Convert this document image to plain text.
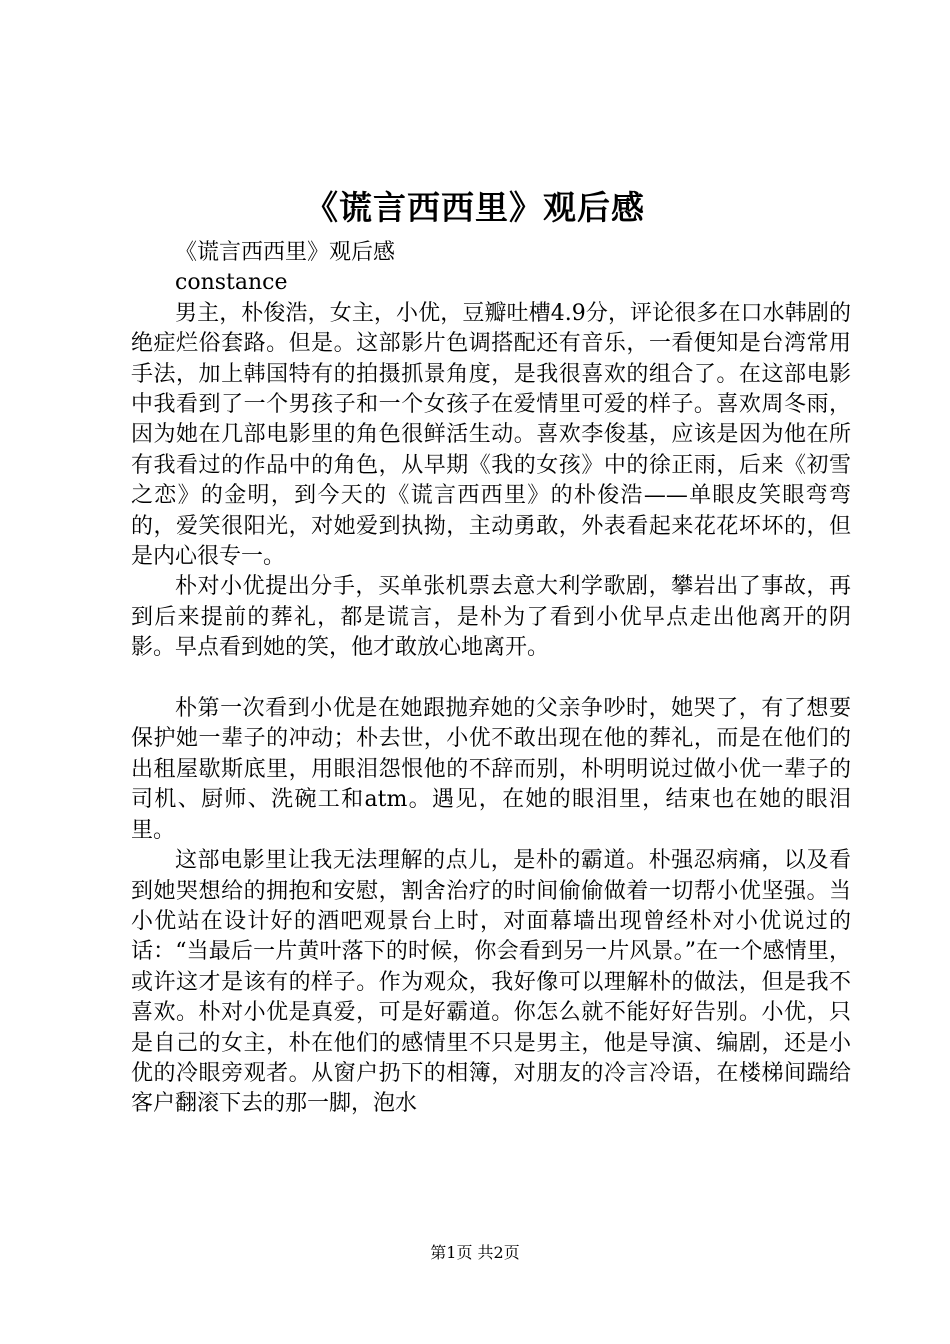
《谎言西西里》观后感

《谎言西西里》观后感

constance

男主，朴俊浩，女主，小优，豆瓣吐槽4.9分，评论很多在口水韩剧的绝症烂俗套路。但是。这部影片色调搭配还有音乐，一看便知是台湾常用手法，加上韩国特有的拍摄抓景角度，是我很喜欢的组合了。在这部电影中我看到了一个男孩子和一个女孩子在爱情里可爱的样子。喜欢周冬雨，因为她在几部电影里的角色很鲜活生动。喜欢李俊基，应该是因为他在所有我看过的作品中的角色，从早期《我的女孩》中的徐正雨，后来《初雪之恋》的金明，到今天的《谎言西西里》的朴俊浩——单眼皮笑眼弯弯的，爱笑很阳光，对她爱到执拗，主动勇敢，外表看起来花花坏坏的，但是内心很专一。

朴对小优提出分手，买单张机票去意大利学歌剧，攀岩出了事故，再到后来提前的葬礼，都是谎言，是朴为了看到小优早点走出他离开的阴影。早点看到她的笑，他才敢放心地离开。

朴第一次看到小优是在她跟抛弃她的父亲争吵时，她哭了，有了想要保护她一辈子的冲动；朴去世，小优不敢出现在他的葬礼，而是在他们的出租屋歇斯底里，用眼泪怨恨他的不辞而别，朴明明说过做小优一辈子的司机、厨师、洗碗工和atm。遇见，在她的眼泪里，结束也在她的眼泪里。

这部电影里让我无法理解的点儿，是朴的霸道。朴强忍病痛，以及看到她哭想给的拥抱和安慰，割舍治疗的时间偷偷做着一切帮小优坚强。当小优站在设计好的酒吧观景台上时，对面幕墙出现曾经朴对小优说过的话：“当最后一片黄叶落下的时候，你会看到另一片风景。”在一个感情里，或许这才是该有的样子。作为观众，我好像可以理解朴的做法，但是我不喜欢。朴对小优是真爱，可是好霸道。你怎么就不能好好告别。小优，只是自己的女主，朴在他们的感情里不只是男主，他是导演、编剧，还是小优的冷眼旁观者。从窗户扔下的相簿，对朋友的冷言冷语，在楼梯间踹给客户翻滚下去的那一脚，泡水

第1页 共2页
